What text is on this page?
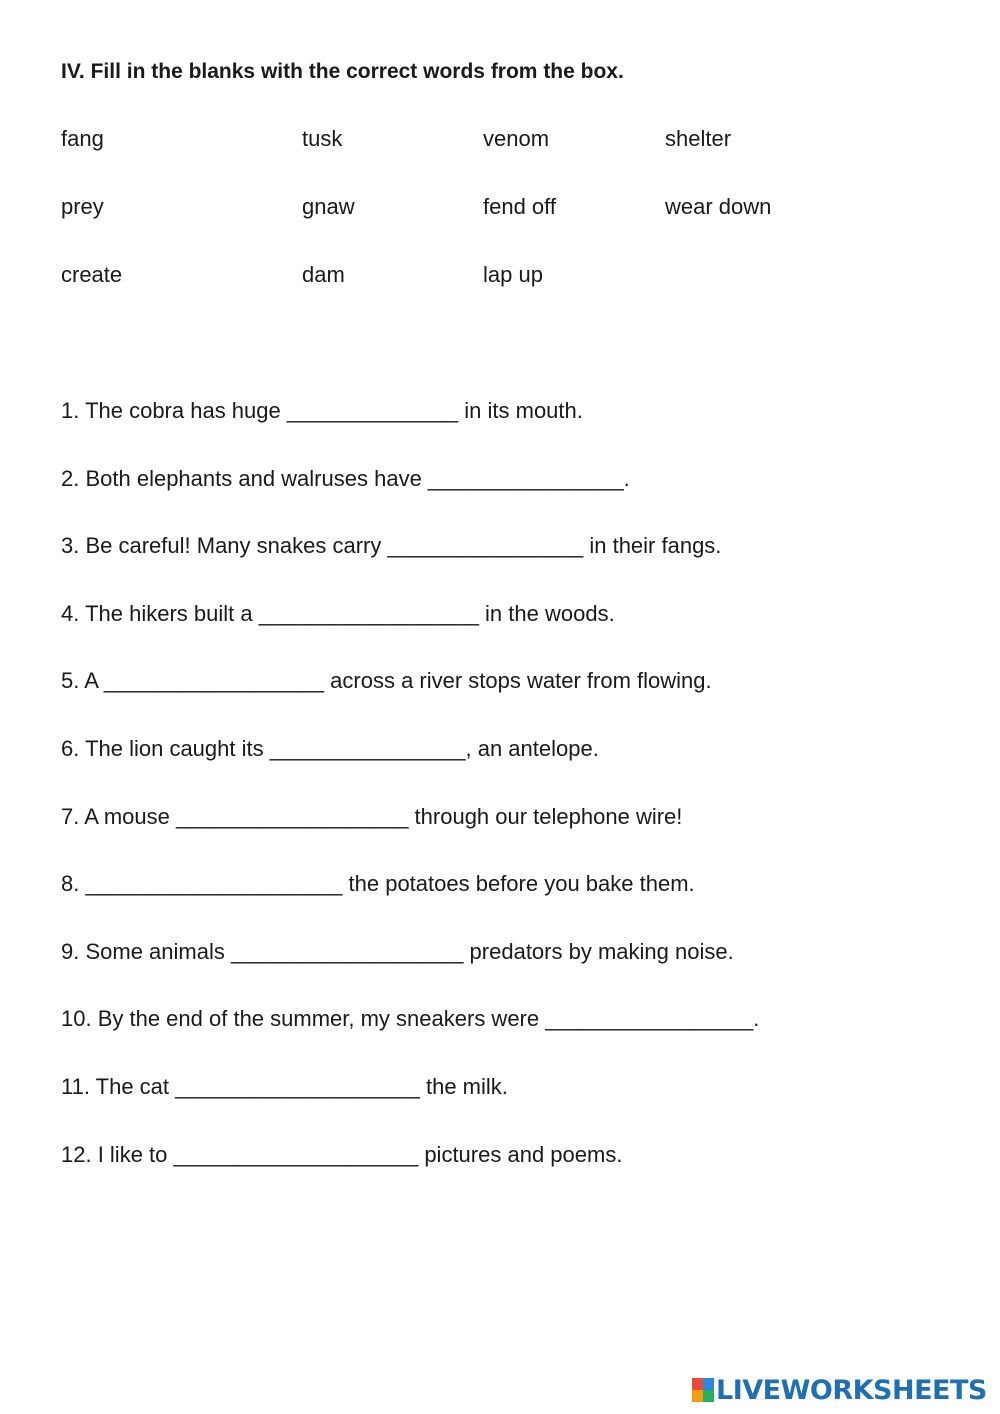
IV. Fill in the blanks with the correct words from the box.
fang	tusk	venom	shelter
prey	gnaw	fend off	wear down
create	dam	lap up
1. The cobra has huge ______________ in its mouth.
2. Both elephants and walruses have ________________.
3. Be careful! Many snakes carry ________________ in their fangs.
4. The hikers built a __________________ in the woods.
5. A __________________ across a river stops water from flowing.
6. The lion caught its ________________, an antelope.
7. A mouse ___________________ through our telephone wire!
8. _____________________ the potatoes before you bake them.
9. Some animals ___________________ predators by making noise.
10. By the end of the summer, my sneakers were _________________.
11. The cat ____________________ the milk.
12. I like to ____________________ pictures and poems.
LIVEWORKSHEETS
